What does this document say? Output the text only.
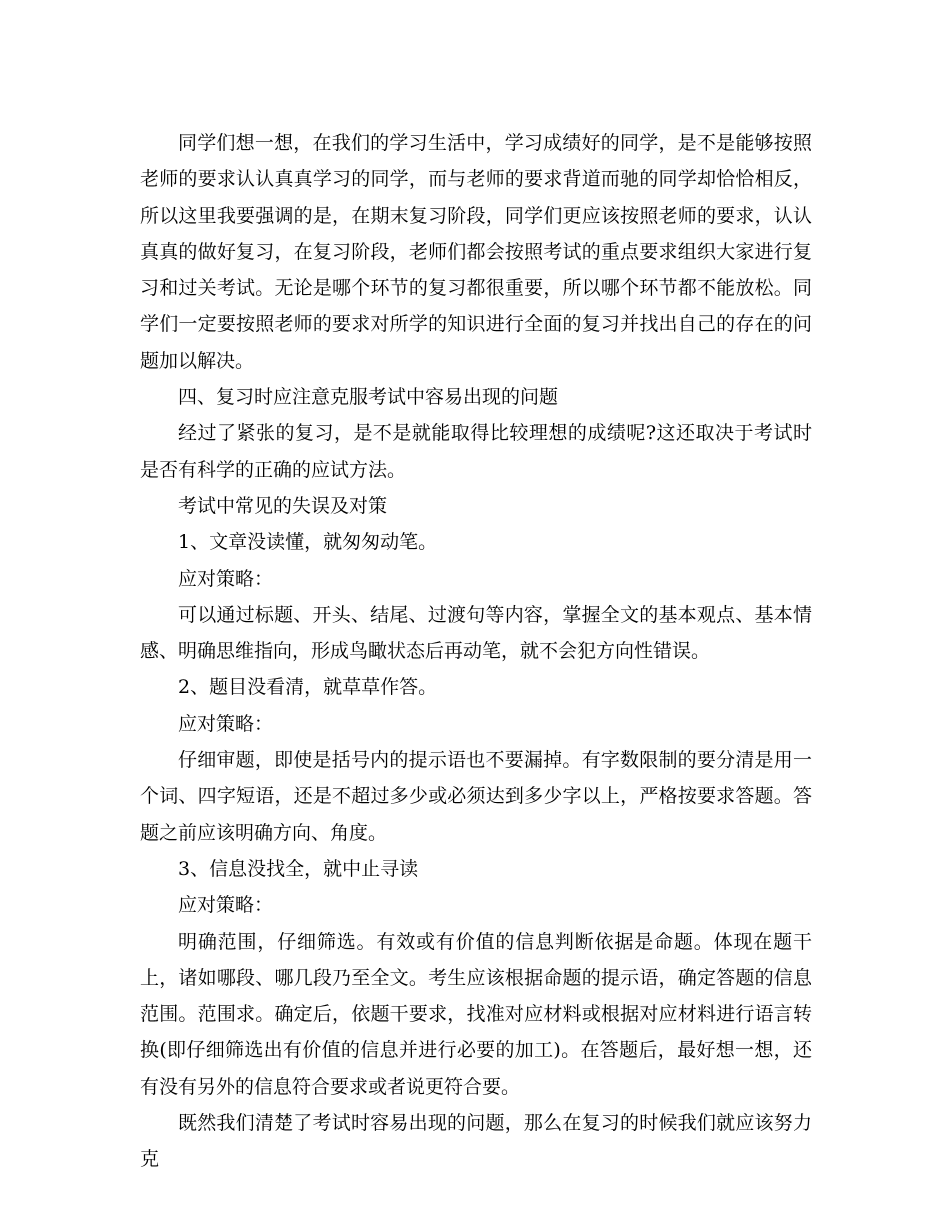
同学们想一想，在我们的学习生活中，学习成绩好的同学，是不是能够按照老师的要求认认真真学习的同学，而与老师的要求背道而驰的同学却恰恰相反，所以这里我要强调的是，在期末复习阶段，同学们更应该按照老师的要求，认认真真的做好复习，在复习阶段，老师们都会按照考试的重点要求组织大家进行复习和过关考试。无论是哪个环节的复习都很重要，所以哪个环节都不能放松。同学们一定要按照老师的要求对所学的知识进行全面的复习并找出自己的存在的问题加以解决。

四、复习时应注意克服考试中容易出现的问题

经过了紧张的复习，是不是就能取得比较理想的成绩呢?这还取决于考试时是否有科学的正确的应试方法。

考试中常见的失误及对策

1、文章没读懂，就匆匆动笔。

应对策略：

可以通过标题、开头、结尾、过渡句等内容，掌握全文的基本观点、基本情感、明确思维指向，形成鸟瞰状态后再动笔，就不会犯方向性错误。

2、题目没看清，就草草作答。

应对策略：

仔细审题，即使是括号内的提示语也不要漏掉。有字数限制的要分清是用一个词、四字短语，还是不超过多少或必须达到多少字以上，严格按要求答题。答题之前应该明确方向、角度。

3、信息没找全，就中止寻读

应对策略：

明确范围，仔细筛选。有效或有价值的信息判断依据是命题。体现在题干上，诸如哪段、哪几段乃至全文。考生应该根据命题的提示语，确定答题的信息范围。范围求。确定后，依题干要求，找准对应材料或根据对应材料进行语言转换(即仔细筛选出有价值的信息并进行必要的加工)。在答题后，最好想一想，还有没有另外的信息符合要求或者说更符合要。

既然我们清楚了考试时容易出现的问题，那么在复习的时候我们就应该努力克
